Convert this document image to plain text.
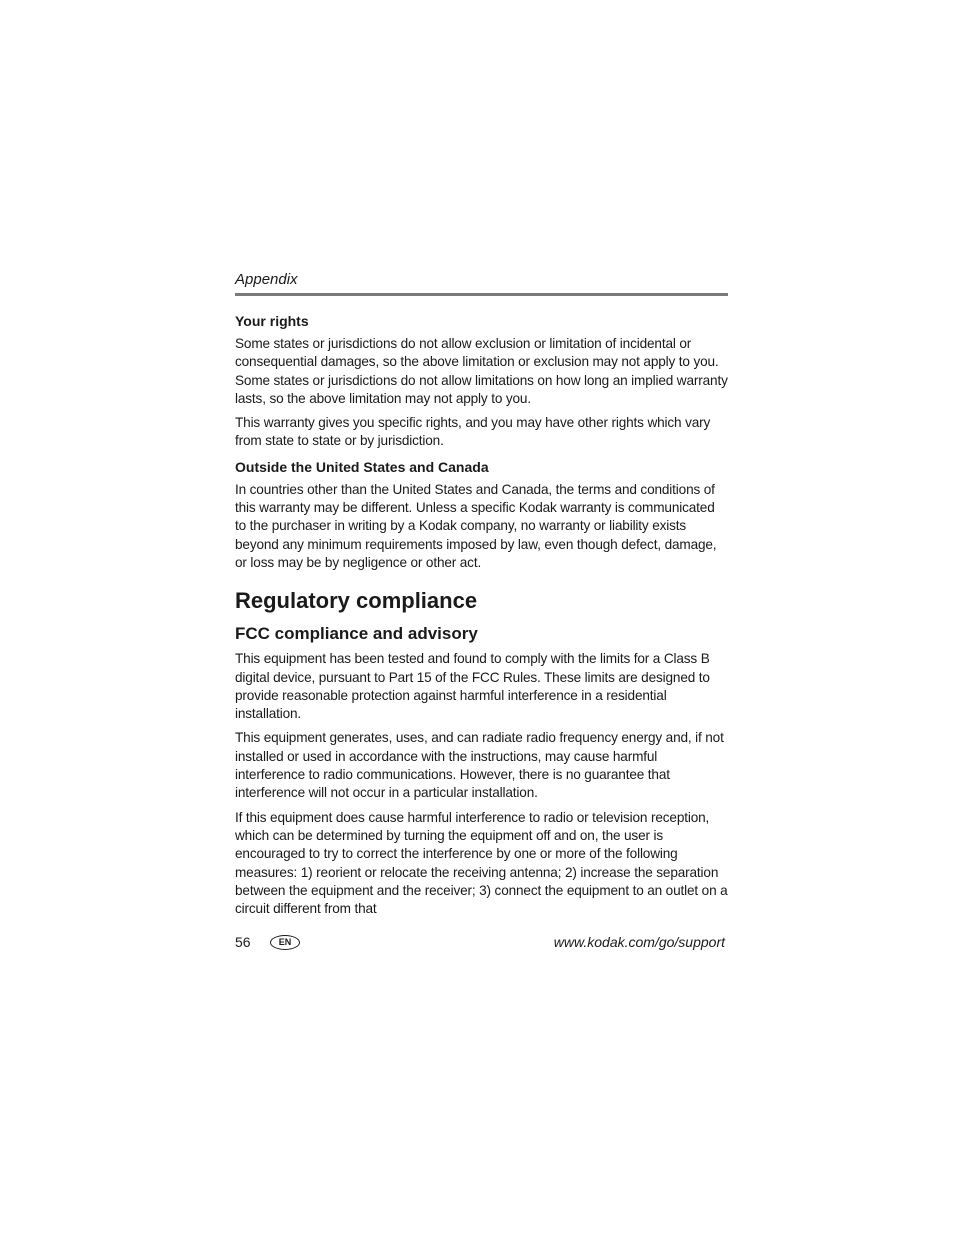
Appendix
Your rights

Some states or jurisdictions do not allow exclusion or limitation of incidental or consequential damages, so the above limitation or exclusion may not apply to you. Some states or jurisdictions do not allow limitations on how long an implied warranty lasts, so the above limitation may not apply to you.

This warranty gives you specific rights, and you may have other rights which vary from state to state or by jurisdiction.

Outside the United States and Canada

In countries other than the United States and Canada, the terms and conditions of this warranty may be different. Unless a specific Kodak warranty is communicated to the purchaser in writing by a Kodak company, no warranty or liability exists beyond any minimum requirements imposed by law, even though defect, damage, or loss may be by negligence or other act.

Regulatory compliance
FCC compliance and advisory

This equipment has been tested and found to comply with the limits for a Class B digital device, pursuant to Part 15 of the FCC Rules. These limits are designed to provide reasonable protection against harmful interference in a residential installation.

This equipment generates, uses, and can radiate radio frequency energy and, if not installed or used in accordance with the instructions, may cause harmful interference to radio communications. However, there is no guarantee that interference will not occur in a particular installation.

If this equipment does cause harmful interference to radio or television reception, which can be determined by turning the equipment off and on, the user is encouraged to try to correct the interference by one or more of the following measures: 1) reorient or relocate the receiving antenna; 2) increase the separation between the equipment and the receiver; 3) connect the equipment to an outlet on a circuit different from that

56	EN	www.kodak.com/go/support
